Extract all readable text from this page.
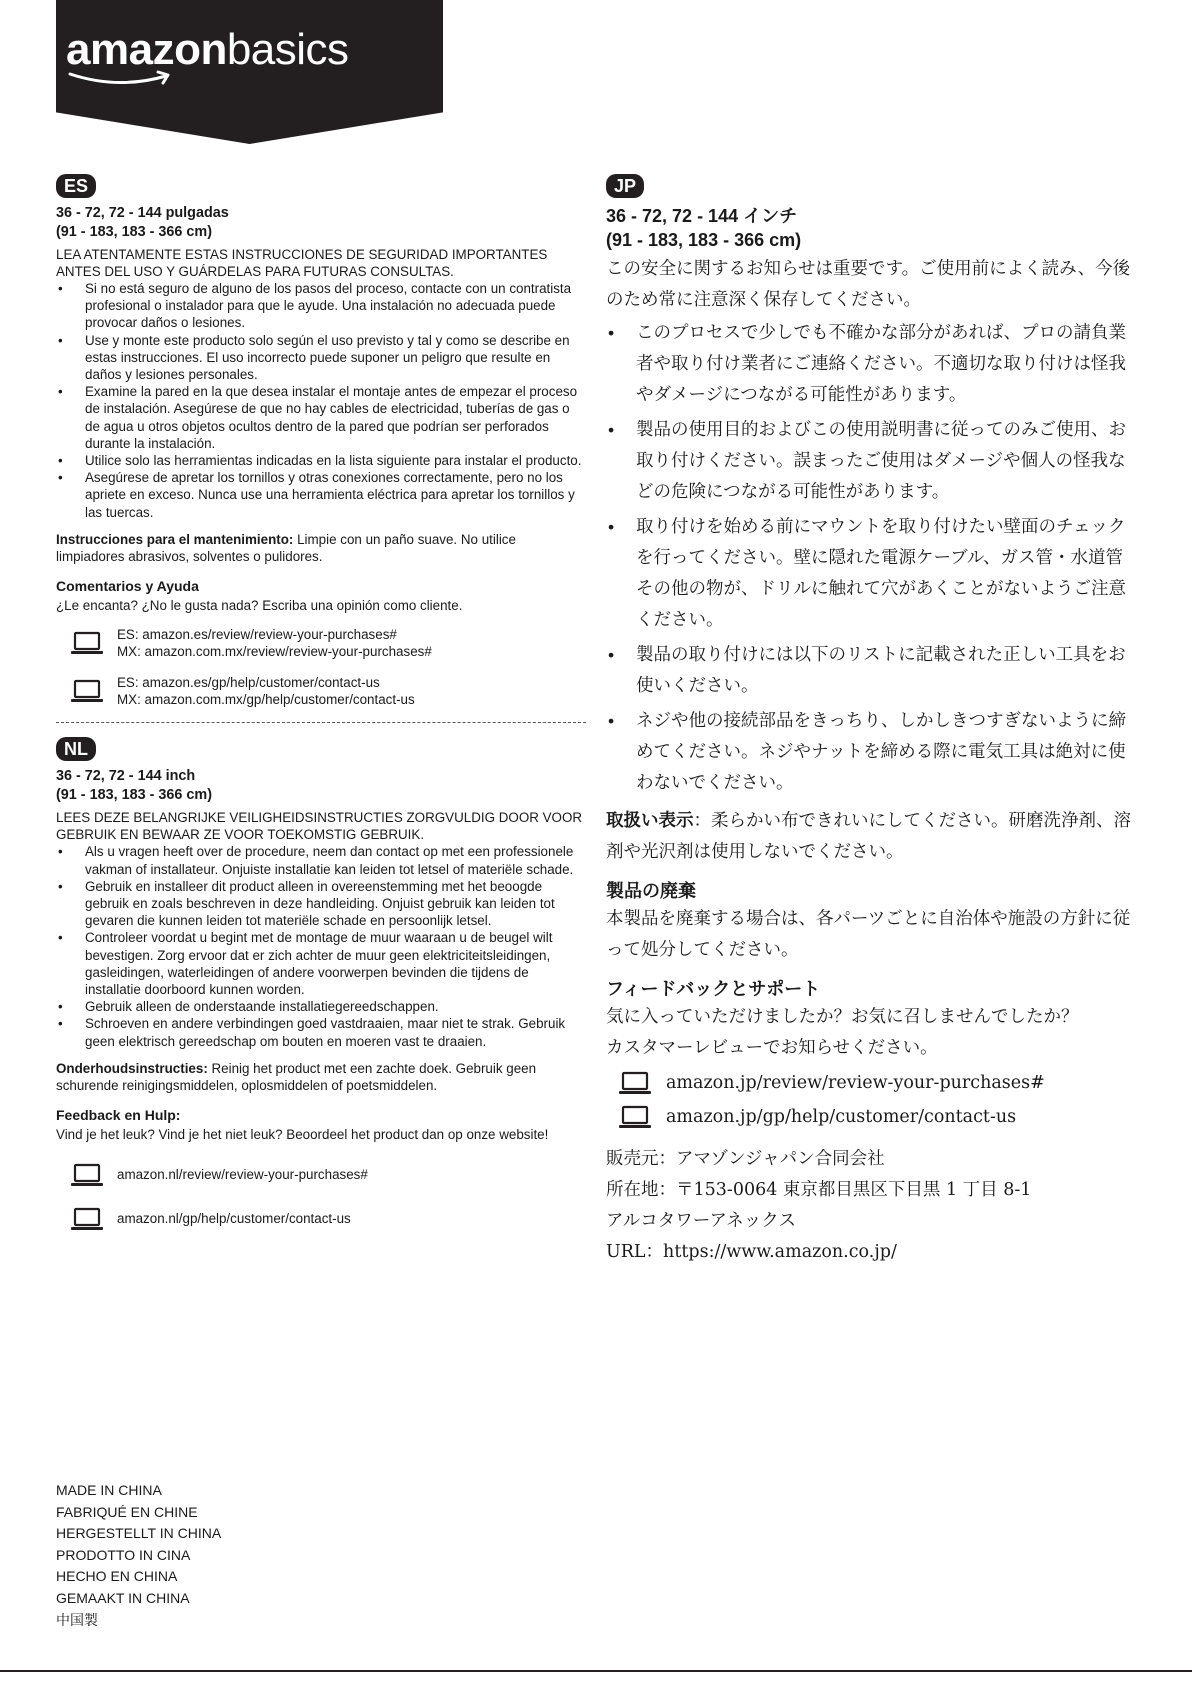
amazonbasics
ES
36 - 72, 72 - 144 pulgadas
(91 - 183, 183 - 366 cm)
LEA ATENTAMENTE ESTAS INSTRUCCIONES DE SEGURIDAD IMPORTANTES ANTES DEL USO Y GUÁRDELAS PARA FUTURAS CONSULTAS.
• Si no está seguro de alguno de los pasos del proceso, contacte con un contratista profesional o instalador para que le ayude. Una instalación no adecuada puede provocar daños o lesiones.
• Use y monte este producto solo según el uso previsto y tal y como se describe en estas instrucciones. El uso incorrecto puede suponer un peligro que resulte en daños y lesiones personales.
• Examine la pared en la que desea instalar el montaje antes de empezar el proceso de instalación. Asegúrese de que no hay cables de electricidad, tuberías de gas o de agua u otros objetos ocultos dentro de la pared que podrían ser perforados durante la instalación.
• Utilice solo las herramientas indicadas en la lista siguiente para instalar el producto.
• Asegúrese de apretar los tornillos y otras conexiones correctamente, pero no los apriete en exceso. Nunca use una herramienta eléctrica para apretar los tornillos y las tuercas.
Instrucciones para el mantenimiento: Limpie con un paño suave. No utilice limpiadores abrasivos, solventes o pulidores.
Comentarios y Ayuda
¿Le encanta? ¿No le gusta nada? Escriba una opinión como cliente.
ES: amazon.es/review/review-your-purchases#
MX: amazon.com.mx/review/review-your-purchases#
ES: amazon.es/gp/help/customer/contact-us
MX: amazon.com.mx/gp/help/customer/contact-us
NL
36 - 72, 72 - 144 inch
(91 - 183, 183 - 366 cm)
LEES DEZE BELANGRIJKE VEILIGHEIDSINSTRUCTIES ZORGVULDIG DOOR VOOR GEBRUIK EN BEWAAR ZE VOOR TOEKOMSTIG GEBRUIK.
• Als u vragen heeft over de procedure, neem dan contact op met een professionele vakman of installateur. Onjuiste installatie kan leiden tot letsel of materiële schade.
• Gebruik en installeer dit product alleen in overeenstemming met het beoogde gebruik en zoals beschreven in deze handleiding. Onjuist gebruik kan leiden tot gevaren die kunnen leiden tot materiële schade en persoonlijk letsel.
• Controleer voordat u begint met de montage de muur waaraan u de beugel wilt bevestigen. Zorg ervoor dat er zich achter de muur geen elektriciteitsleidingen, gasleidingen, waterleidingen of andere voorwerpen bevinden die tijdens de installatie doorboord kunnen worden.
• Gebruik alleen de onderstaande installatiegereedschappen.
• Schroeven en andere verbindingen goed vastdraaien, maar niet te strak. Gebruik geen elektrisch gereedschap om bouten en moeren vast te draaien.
Onderhoudsinstructies: Reinig het product met een zachte doek. Gebruik geen schurende reinigingsmiddelen, oplosmiddelen of poetsmiddelen.
Feedback en Hulp:
Vind je het leuk? Vind je het niet leuk? Beoordeel het product dan op onze website!
amazon.nl/review/review-your-purchases#
amazon.nl/gp/help/customer/contact-us
JP
36 - 72, 72 - 144 インチ
(91 - 183, 183 - 366 cm)
この安全に関するお知らせは重要です。ご使用前によく読み、今後のため常に注意深く保存してください。
• このプロセスで少しでも不確かな部分があれば、プロの請負業者や取り付け業者にご連絡ください。不適切な取り付けは怪我やダメージにつながる可能性があります。
• 製品の使用目的およびこの使用説明書に従ってのみご使用、お取り付けください。誤まったご使用はダメージや個人の怪我などの危険につながる可能性があります。
• 取り付けを始める前にマウントを取り付けたい壁面のチェックを行ってください。壁に隠れた電源ケーブル、ガス管・水道管その他の物が、ドリルに触れて穴があくことがないようご注意ください。
• 製品の取り付けには以下のリストに記載された正しい工具をお使いください。
• ネジや他の接続部品をきっちり、しかしきつすぎないように締めてください。ネジやナットを締める際に電気工具は絶対に使わないでください。
取扱い表示：柔らかい布できれいにしてください。研磨洗浄剤、溶剤や光沢剤は使用しないでください。
製品の廃棄
本製品を廃棄する場合は、各パーツごとに自治体や施設の方針に従って処分してください。
フィードバックとサポート
気に入っていただけましたか？お気に召しませんでしたか？
カスタマーレビューでお知らせください。
amazon.jp/review/review-your-purchases#
amazon.jp/gp/help/customer/contact-us
販売元：アマゾンジャパン合同会社
所在地：〒153-0064 東京都目黒区下目黒 1 丁目 8-1
アルコタワーアネックス
URL：https://www.amazon.co.jp/
MADE IN CHINA
FABRIQUÉ EN CHINE
HERGESTELLT IN CHINA
PRODOTTO IN CINA
HECHO EN CHINA
GEMAAKT IN CHINA
中国製
